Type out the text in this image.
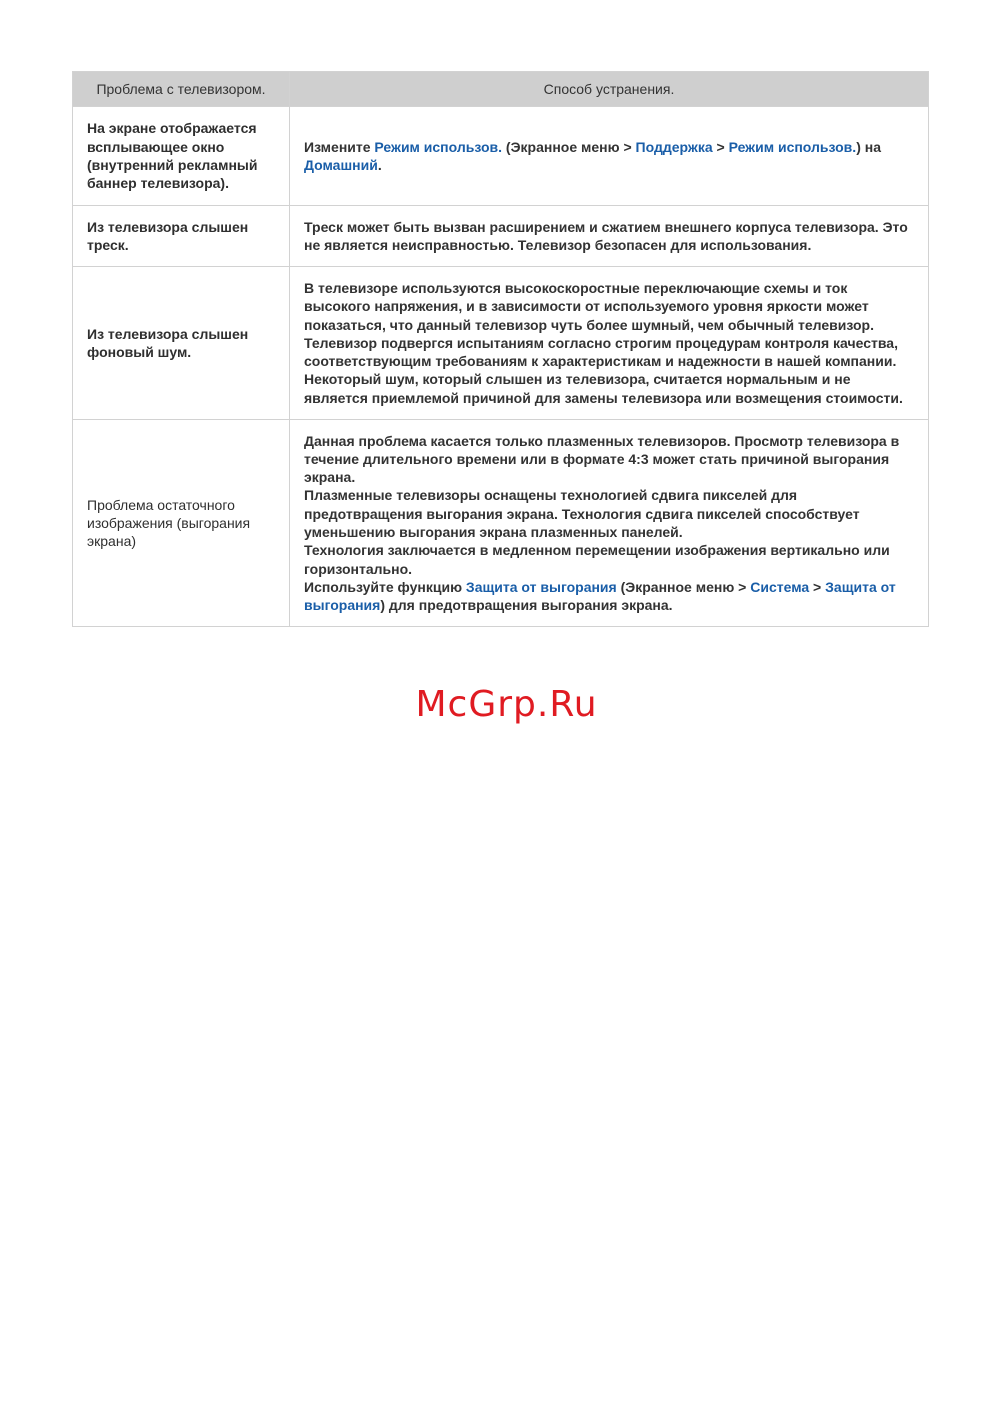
Проблема с телевизором.	Способ устранения.
На экране отображается всплывающее окно (внутренний рекламный баннер телевизора).	Измените Режим использов. (Экранное меню > Поддержка > Режим использов.) на
Домашний.
Из телевизора слышен треск.	Треск может быть вызван расширением и сжатием внешнего корпуса телевизора. Это не является неисправностью. Телевизор безопасен для использования.
Из телевизора слышен фоновый шум.	В телевизоре используются высокоскоростные переключающие схемы и ток высокого напряжения, и в зависимости от используемого уровня яркости может показаться, что данный телевизор чуть более шумный, чем обычный телевизор.
Телевизор подвергся испытаниям согласно строгим процедурам контроля качества, соответствующим требованиям к характеристикам и надежности в нашей компании.
Некоторый шум, который слышен из телевизора, считается нормальным и не является приемлемой причиной для замены телевизора или возмещения стоимости.

Проблема остаточного изображения (выгорания экрана)	Данная проблема касается только плазменных телевизоров. Просмотр телевизора в течение длительного времени или в формате 4:3 может стать причиной выгорания экрана.
Плазменные телевизоры оснащены технологией сдвига пикселей для предотвращения выгорания экрана. Технология сдвига пикселей способствует уменьшению выгорания экрана плазменных панелей.
Технология заключается в медленном перемещении изображения вертикально или горизонтально.
Используйте функцию Защита от выгорания (Экранное меню > Система > Защита от выгорания) для предотвращения выгорания экрана.
McGrp.Ru
